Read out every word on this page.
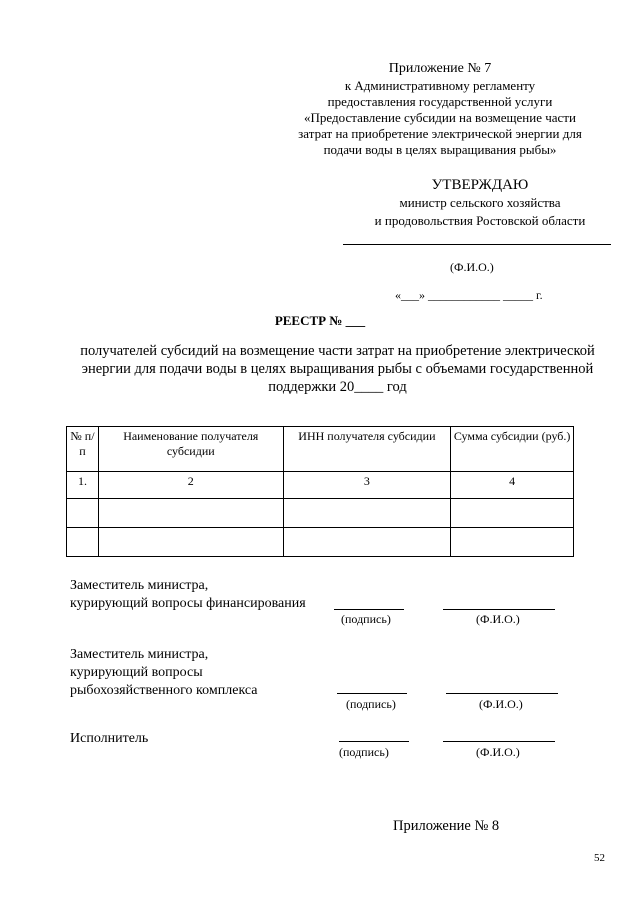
Приложение № 7
к Административному регламенту
предоставления государственной услуги
«Предоставление субсидии на возмещение части
затрат на приобретение электрической энергии для
подачи воды в целях выращивания рыбы»
УТВЕРЖДАЮ
министр сельского хозяйства
и продовольствия Ростовской области
(Ф.И.О.)
«___» ____________ _____ г.
РЕЕСТР № ___
получателей субсидий на возмещение части затрат на приобретение электрической
энергии для подачи воды в целях выращивания рыбы с объемами государственной
поддержки 20____ год
№ п/п	Наименование получателя субсидии	ИНН получателя субсидии	Сумма субсидии (руб.)
1.	2	3	4

Заместитель министра,
курирующий вопросы финансирования
(подпись)	(Ф.И.О.)
Заместитель министра,
курирующий вопросы
рыбохозяйственного комплекса
(подпись)	(Ф.И.О.)
Исполнитель
(подпись)	(Ф.И.О.)
Приложение № 8
52
